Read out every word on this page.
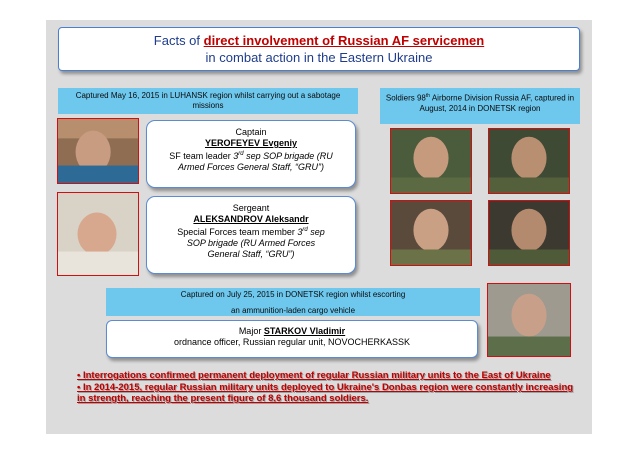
Facts of direct involvement of Russian AF servicemen
in combat action in the Eastern Ukraine
Captured May 16, 2015 in LUHANSK region whilst carrying out a sabotage missions
Soldiers 98th Airborne Division Russia AF, captured in August, 2014 in DONETSK region
Captain
YEROFEYEV Evgeniy
SF team leader 3rd sep SOP brigade (RU
Armed Forces General Staff, “GRU”)
Sergeant
ALEKSANDROV Aleksandr
Special Forces team member 3rd sep
SOP brigade (RU Armed Forces
General Staff, “GRU”)
Captured on July 25, 2015 in DONETSK region whilst escorting
an ammunition-laden cargo vehicle
Major STARKOV Vladimir
ordnance officer, Russian regular unit, NOVOCHERKASSK
• Interrogations confirmed permanent deployment of regular Russian military units to the East of Ukraine
• In 2014-2015, regular Russian military units deployed to Ukraine's Donbas region were constantly increasing in strength, reaching the present figure of 8,6 thousand soldiers.
